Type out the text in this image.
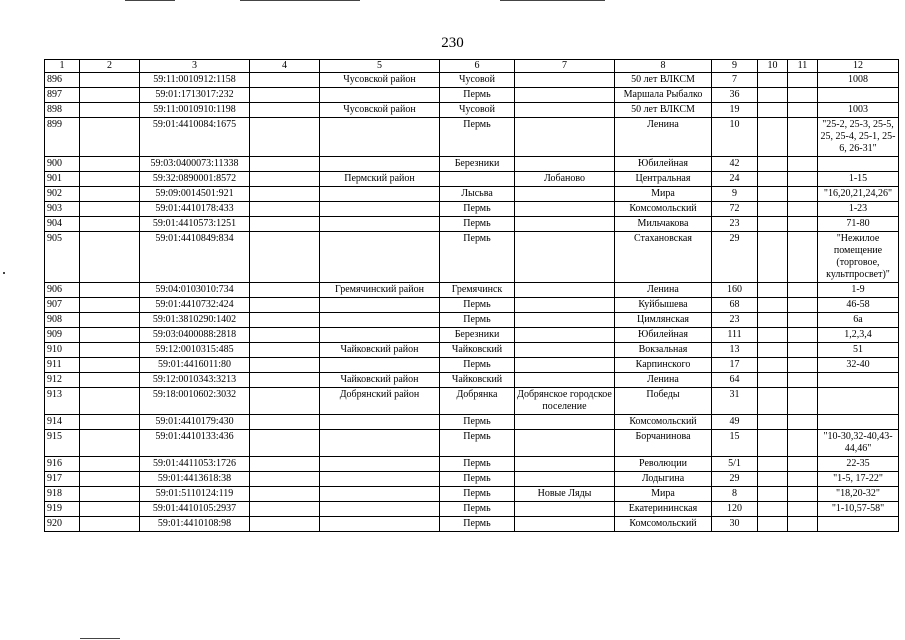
230
1	2	3	4	5	6	7	8	9	10	11	12
896		59:11:0010912:1158		Чусовской район	Чусовой		50 лет ВЛКСМ	7			1008
897		59:01:1713017:232			Пермь		Маршала Рыбалко	36			
898		59:11:0010910:1198		Чусовской район	Чусовой		50 лет ВЛКСМ	19			1003
899		59:01:4410084:1675			Пермь		Ленина	10			"25-2, 25-3, 25-5, 25, 25-4, 25-1, 25-6, 26-31"
900		59:03:0400073:11338			Березники		Юбилейная	42			
901		59:32:0890001:8572		Пермский район		Лобаново	Центральная	24			1-15
902		59:09:0014501:921			Лысьва		Мира	9			"16,20,21,24,26"
903		59:01:4410178:433			Пермь		Комсомольский	72			1-23
904		59:01:4410573:1251			Пермь		Мильчакова	23			71-80
905		59:01:4410849:834			Пермь		Стахановская	29			"Нежилое помещение (торговое, культпросвет)"
906		59:04:0103010:734		Гремячинский район	Гремячинск		Ленина	160			1-9
907		59:01:4410732:424			Пермь		Куйбышева	68			46-58
908		59:01:3810290:1402			Пермь		Цимлянская	23			6а
909		59:03:0400088:2818			Березники		Юбилейная	111			1,2,3,4
910		59:12:0010315:485		Чайковский район	Чайковский		Вокзальная	13			51
911		59:01:4416011:80			Пермь		Карпинского	17			32-40
912		59:12:0010343:3213		Чайковский район	Чайковский		Ленина	64			
913		59:18:0010602:3032		Добрянский район	Добрянка	Добрянское городское поселение	Победы	31			
914		59:01:4410179:430			Пермь		Комсомольский	49			
915		59:01:4410133:436			Пермь		Борчанинова	15			"10-30,32-40,43-44,46"
916		59:01:4411053:1726			Пермь		Революции	5/1			22-35
917		59:01:4413618:38			Пермь		Лодыгина	29			"1-5, 17-22"
918		59:01:5110124:119			Пермь	Новые Ляды	Мира	8			"18,20-32"
919		59:01:4410105:2937			Пермь		Екатерининская	120			"1-10,57-58"
920		59:01:4410108:98			Пермь		Комсомольский	30			
